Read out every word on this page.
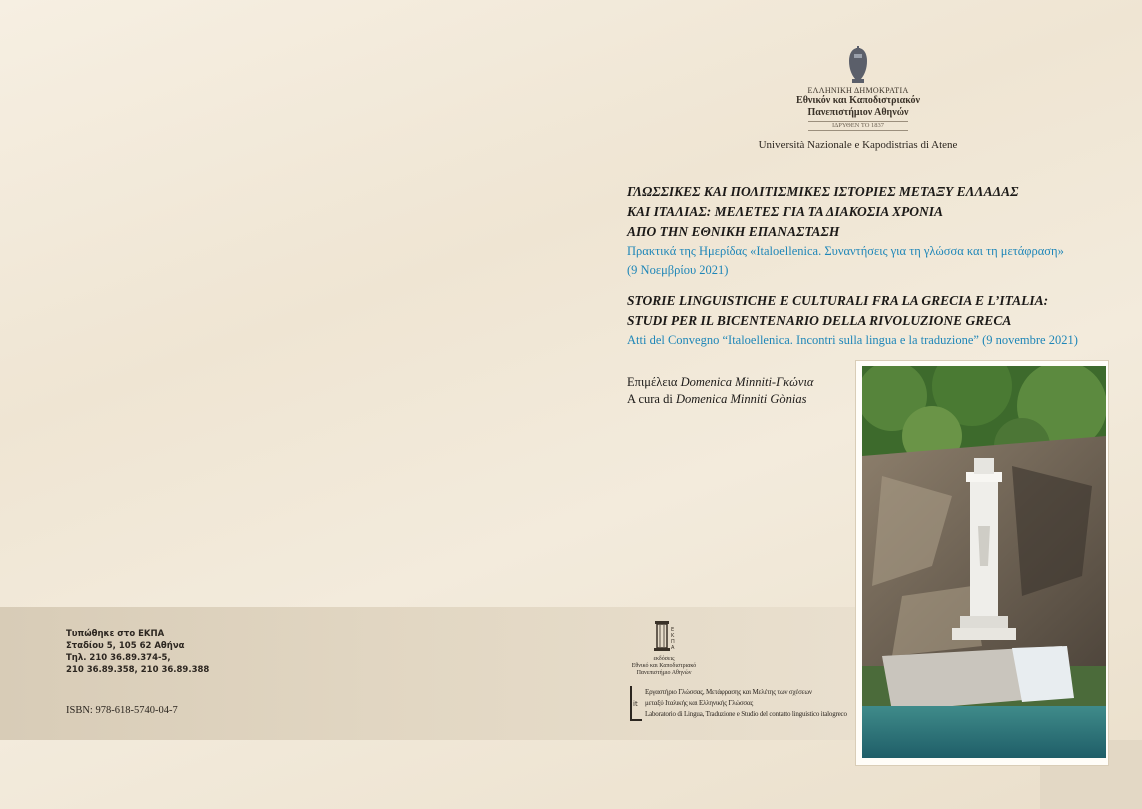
ΕΛΛΗΝΙΚΗ ΔΗΜΟΚΡΑΤΙΑ
Εθνικόν και Καποδιστριακόν
Πανεπιστήμιον Αθηνών
ΙΔΡΥΘΕΝ ΤΟ 1837
Università Nazionale e Kapodistrias di Atene
ΓΛΩΣΣΙΚΕΣ ΚΑΙ ΠΟΛΙΤΙΣΜΙΚΕΣ ΙΣΤΟΡΙΕΣ ΜΕΤΑΞΥ ΕΛΛΑΔΑΣ
ΚΑΙ ΙΤΑΛΙΑΣ: ΜΕΛΕΤΕΣ ΓΙΑ ΤΑ ΔΙΑΚΟΣΙΑ ΧΡΟΝΙΑ
ΑΠΟ ΤΗΝ ΕΘΝΙΚΗ ΕΠΑΝΑΣΤΑΣΗ
Πρακτικά της Ημερίδας «Italoellenica. Συναντήσεις για τη γλώσσα και τη μετάφραση»
(9 Νοεμβρίου 2021)
STORIE LINGUISTICHE E CULTURALI FRA LA GRECIA E L’ITALIA:
STUDI PER IL BICENTENARIO DELLA RIVOLUZIONE GRECA
Atti del Convegno “Italoellenica. Incontri sulla lingua e la traduzione” (9 novembre 2021)
Επιμέλεια Domenica Minniti-Γκώνια
A cura di Domenica Minniti Gònias
Τυπώθηκε στο ΕΚΠΑ
Σταδίου 5, 105 62 Αθήνα
Τηλ. 210 36.89.374-5,
210 36.89.358, 210 36.89.388
ISBN: 978-618-5740-04-7
Ε
Κ
Π
Α
εκδόσεις
Εθνικό και Καποδιστριακό
Πανεπιστήμιο Αθηνών
it
Εργαστήριο Γλώσσας, Μετάφρασης και Μελέτης των σχέσεων
μεταξύ Ιταλικής και Ελληνικής Γλώσσας
Laboratorio di Lingua, Traduzione e Studio del contatto linguistico italogreco
